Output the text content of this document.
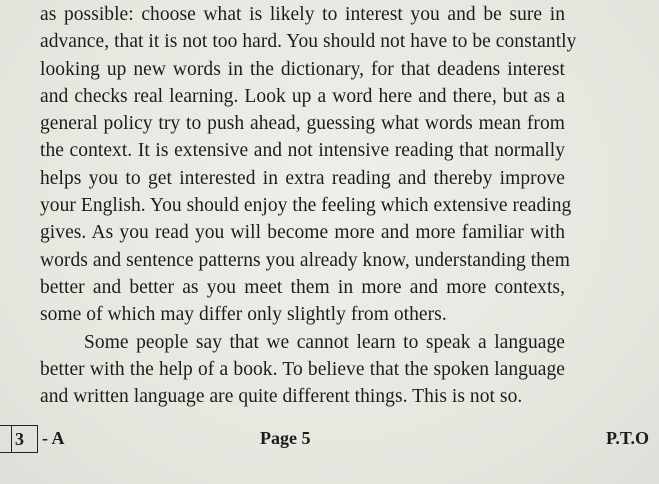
as possible: choose what is likely to interest you and be sure in
advance, that it is not too hard. You should not have to be constantly
looking up new words in the dictionary, for that deadens interest
and checks real learning. Look up a word here and there, but as a
general policy try to push ahead, guessing what words mean from
the context. It is extensive and not intensive reading that normally
helps you to get interested in extra reading and thereby improve
your English. You should enjoy the feeling which extensive reading
gives. As you read you will become more and more familiar with
words and sentence patterns you already know, understanding them
better and better as you meet them in more and more contexts,
some of which may differ only slightly from others.
Some people say that we cannot learn to speak a language
better with the help of a book. To believe that the spoken language
and written language are quite different things. This is not so.
3 - A	Page 5	P.T.O
